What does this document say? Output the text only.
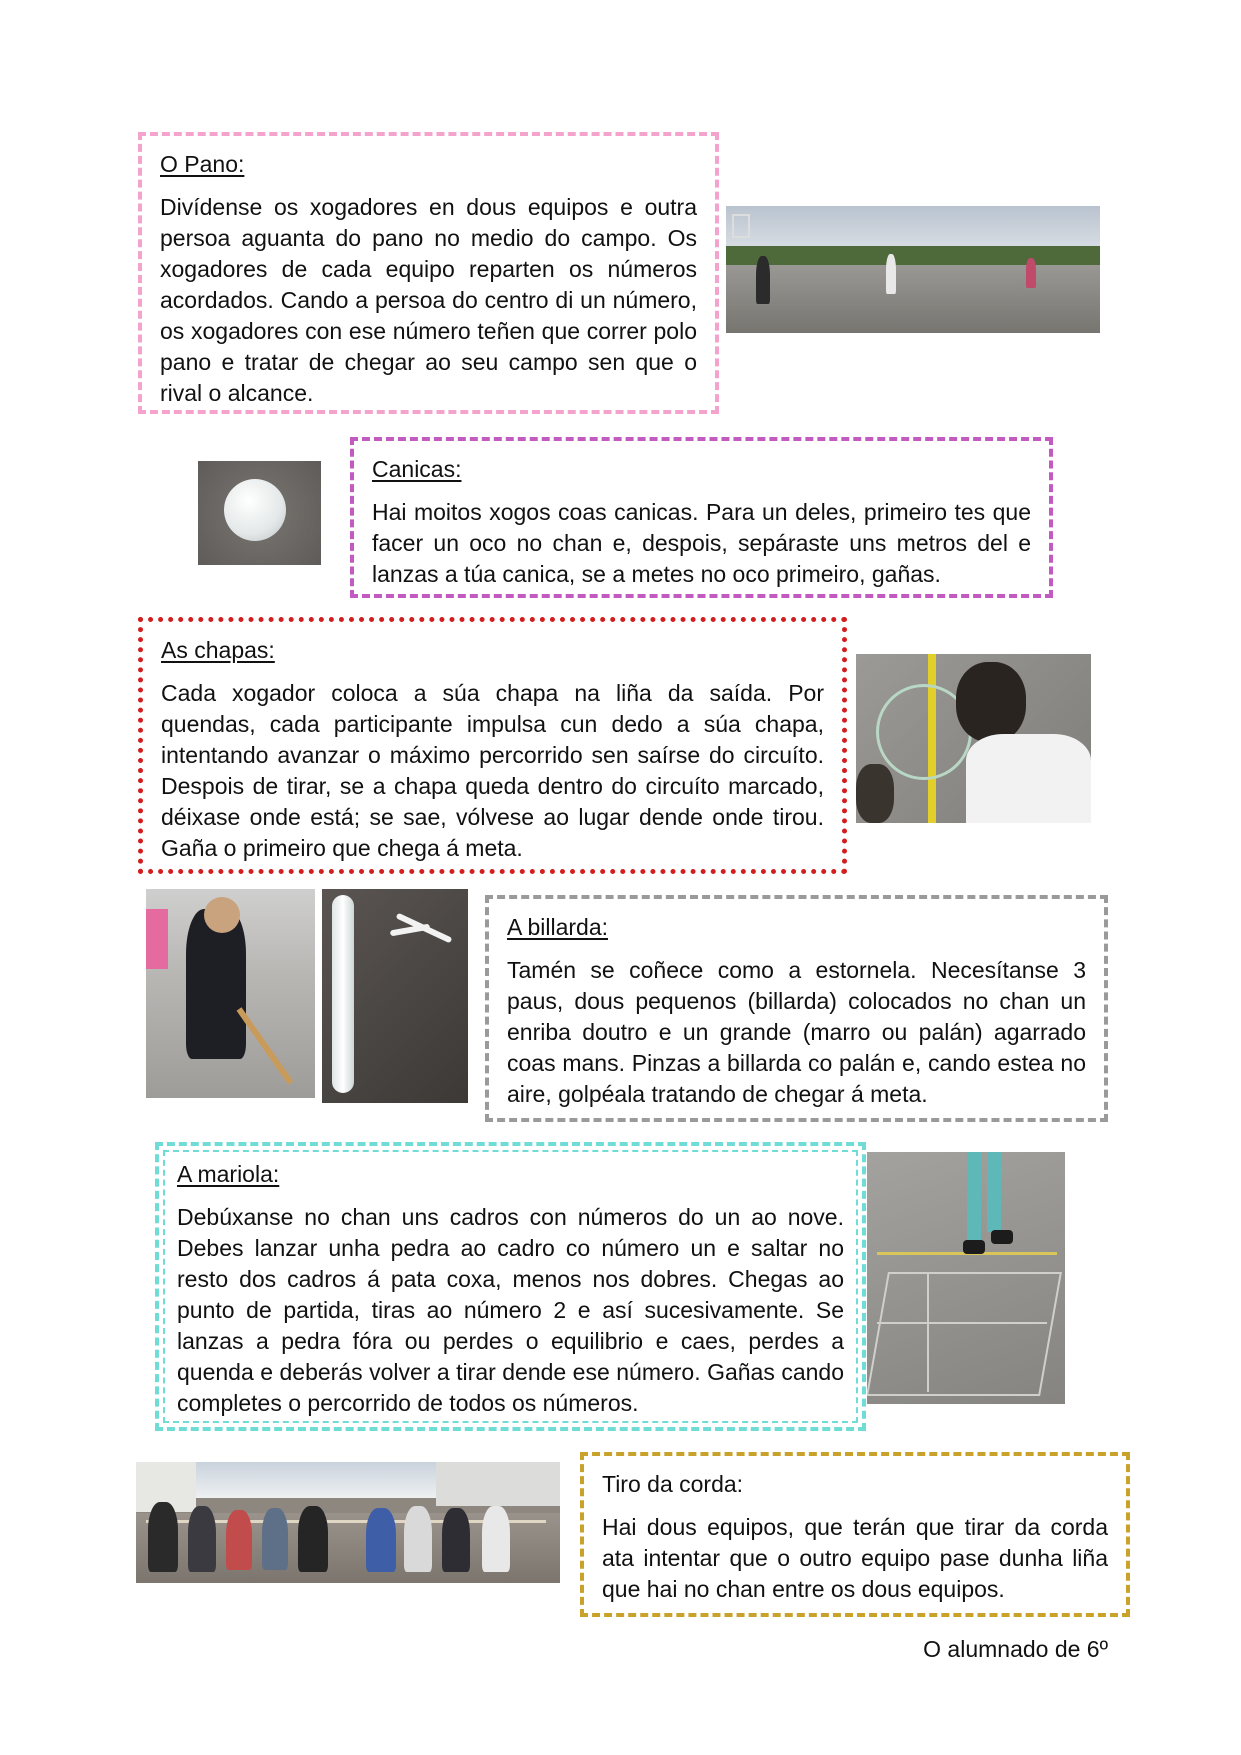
O Pano:

Divídense os xogadores en dous equipos e outra persoa aguanta do pano no medio do campo. Os xogadores de cada equipo reparten os números acordados. Cando a persoa do centro di un número, os xogadores con ese número teñen que correr polo pano e tratar de chegar ao seu campo sen que o rival o alcance.

Canicas:

Hai moitos xogos coas canicas. Para un deles, primeiro tes que facer un oco no chan e, despois, sepáraste uns metros del e lanzas a túa canica, se a metes no oco primeiro, gañas.

As chapas:

Cada xogador coloca a súa chapa na liña da saída. Por quendas, cada participante impulsa cun dedo a súa chapa, intentando avanzar o máximo percorrido sen saírse do circuíto. Despois de tirar, se a chapa queda dentro do circuíto marcado, déixase onde está; se sae, vólvese ao lugar dende onde tirou. Gaña o primeiro que chega á meta.

A billarda:

Tamén se coñece como a estornela. Necesítanse 3 paus, dous pequenos (billarda) colocados no chan un enriba doutro e un grande (marro ou palán) agarrado coas mans. Pinzas a billarda co palán e, cando estea no aire, golpéala tratando de chegar á meta.

A mariola:

Debúxanse no chan uns cadros con números do un ao nove. Debes lanzar unha pedra ao cadro co número un e saltar no resto dos cadros á pata coxa, menos nos dobres. Chegas ao punto de partida, tiras ao número 2 e así sucesivamente. Se lanzas a pedra fóra ou perdes o equilibrio e caes, perdes a quenda e deberás volver a tirar dende ese número. Gañas cando completes o percorrido de todos os números.

Tiro da corda:

Hai dous equipos, que terán que tirar da corda ata intentar que o outro equipo pase dunha liña que hai no chan entre os dous equipos.

O alumnado de 6º
